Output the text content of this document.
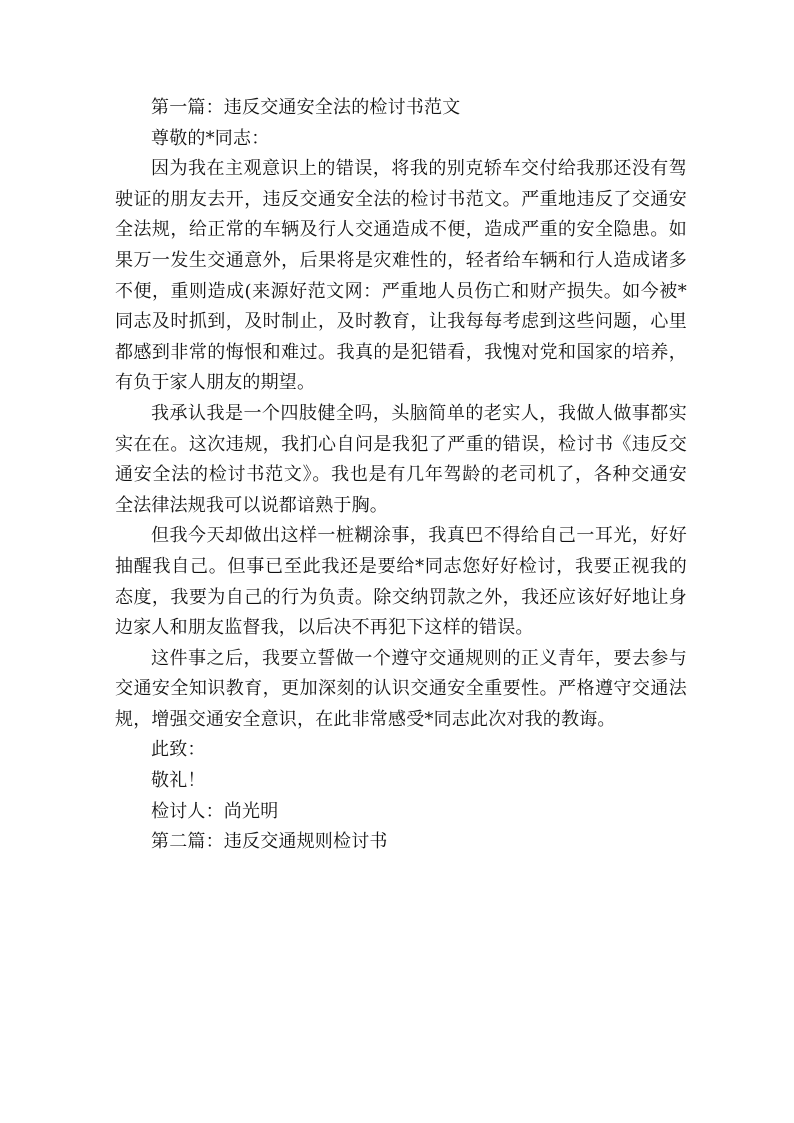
第一篇：违反交通安全法的检讨书范文

尊敬的*同志：

因为我在主观意识上的错误，将我的别克轿车交付给我那还没有驾驶证的朋友去开，违反交通安全法的检讨书范文。严重地违反了交通安全法规，给正常的车辆及行人交通造成不便，造成严重的安全隐患。如果万一发生交通意外，后果将是灾难性的，轻者给车辆和行人造成诸多不便，重则造成(来源好范文网：严重地人员伤亡和财产损失。如今被*同志及时抓到，及时制止，及时教育，让我每每考虑到这些问题，心里都感到非常的悔恨和难过。我真的是犯错看，我愧对党和国家的培养，有负于家人朋友的期望。

我承认我是一个四肢健全吗，头脑简单的老实人，我做人做事都实实在在。这次违规，我扪心自问是我犯了严重的错误，检讨书《违反交通安全法的检讨书范文》。我也是有几年驾龄的老司机了，各种交通安全法律法规我可以说都谙熟于胸。

但我今天却做出这样一桩糊涂事，我真巴不得给自己一耳光，好好抽醒我自己。但事已至此我还是要给*同志您好好检讨，我要正视我的态度，我要为自己的行为负责。除交纳罚款之外，我还应该好好地让身边家人和朋友监督我，以后决不再犯下这样的错误。

这件事之后，我要立誓做一个遵守交通规则的正义青年，要去参与交通安全知识教育，更加深刻的认识交通安全重要性。严格遵守交通法规，增强交通安全意识，在此非常感受*同志此次对我的教诲。

此致：

敬礼！

检讨人：尚光明

第二篇：违反交通规则检讨书
